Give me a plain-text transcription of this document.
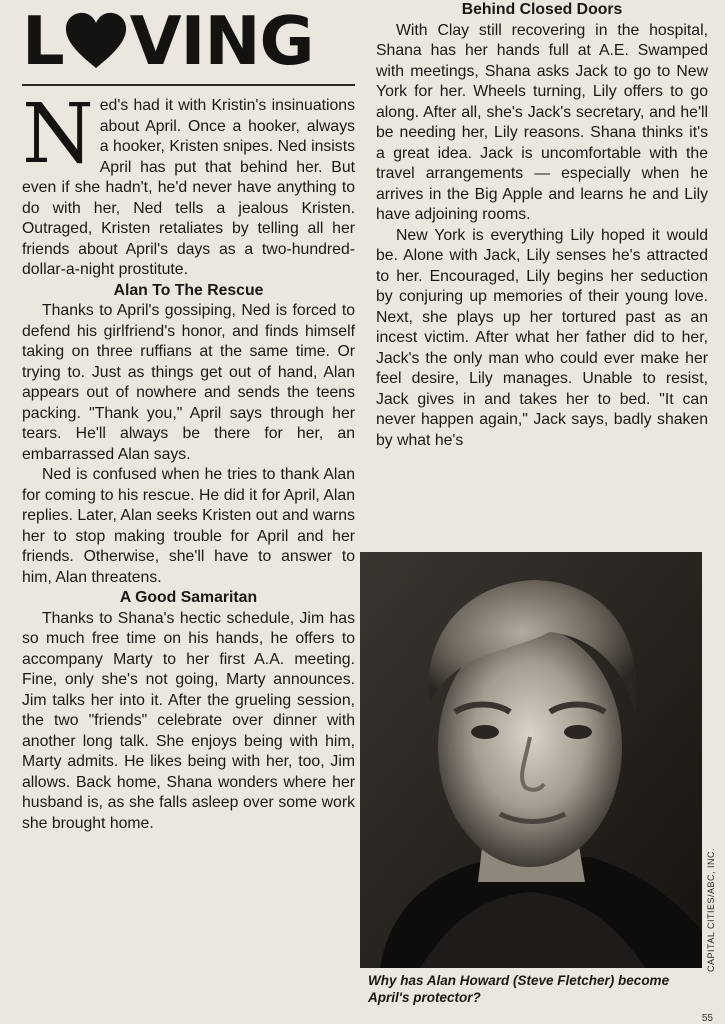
L VING

Ned's had it with Kristin's insinuations about April. Once a hooker, always a hooker, Kristen snipes. Ned insists April has put that behind her. But even if she hadn't, he'd never have anything to do with her, Ned tells a jealous Kristen. Outraged, Kristen retaliates by telling all her friends about April's days as a two-hundred-dollar-a-night prostitute.

Alan To The Rescue

Thanks to April's gossiping, Ned is forced to defend his girlfriend's honor, and finds himself taking on three ruffians at the same time. Or trying to. Just as things get out of hand, Alan appears out of nowhere and sends the teens packing. "Thank you," April says through her tears. He'll always be there for her, an embarrassed Alan says.

Ned is confused when he tries to thank Alan for coming to his rescue. He did it for April, Alan replies. Later, Alan seeks Kristen out and warns her to stop making trouble for April and her friends. Otherwise, she'll have to answer to him, Alan threatens.

A Good Samaritan

Thanks to Shana's hectic schedule, Jim has so much free time on his hands, he offers to accompany Marty to her first A.A. meeting. Fine, only she's not going, Marty announces. Jim talks her into it. After the grueling session, the two "friends" celebrate over dinner with another long talk. She enjoys being with him, Marty admits. He likes being with her, too, Jim allows. Back home, Shana wonders where her husband is, as she falls asleep over some work she brought home.

Behind Closed Doors

With Clay still recovering in the hospital, Shana has her hands full at A.E. Swamped with meetings, Shana asks Jack to go to New York for her. Wheels turning, Lily offers to go along. After all, she's Jack's secretary, and he'll be needing her, Lily reasons. Shana thinks it's a great idea. Jack is uncomfortable with the travel arrangements — especially when he arrives in the Big Apple and learns he and Lily have adjoining rooms.

New York is everything Lily hoped it would be. Alone with Jack, Lily senses he's attracted to her. Encouraged, Lily begins her seduction by conjuring up memories of their young love. Next, she plays up her tortured past as an incest victim. After what her father did to her, Jack's the only man who could ever make her feel desire, Lily manages. Unable to resist, Jack gives in and takes her to bed. "It can never happen again," Jack says, badly shaken by what he's

CAPITAL CITIES/ABC, INC.
Why has Alan Howard (Steve Fletcher) become April's protector?
55
